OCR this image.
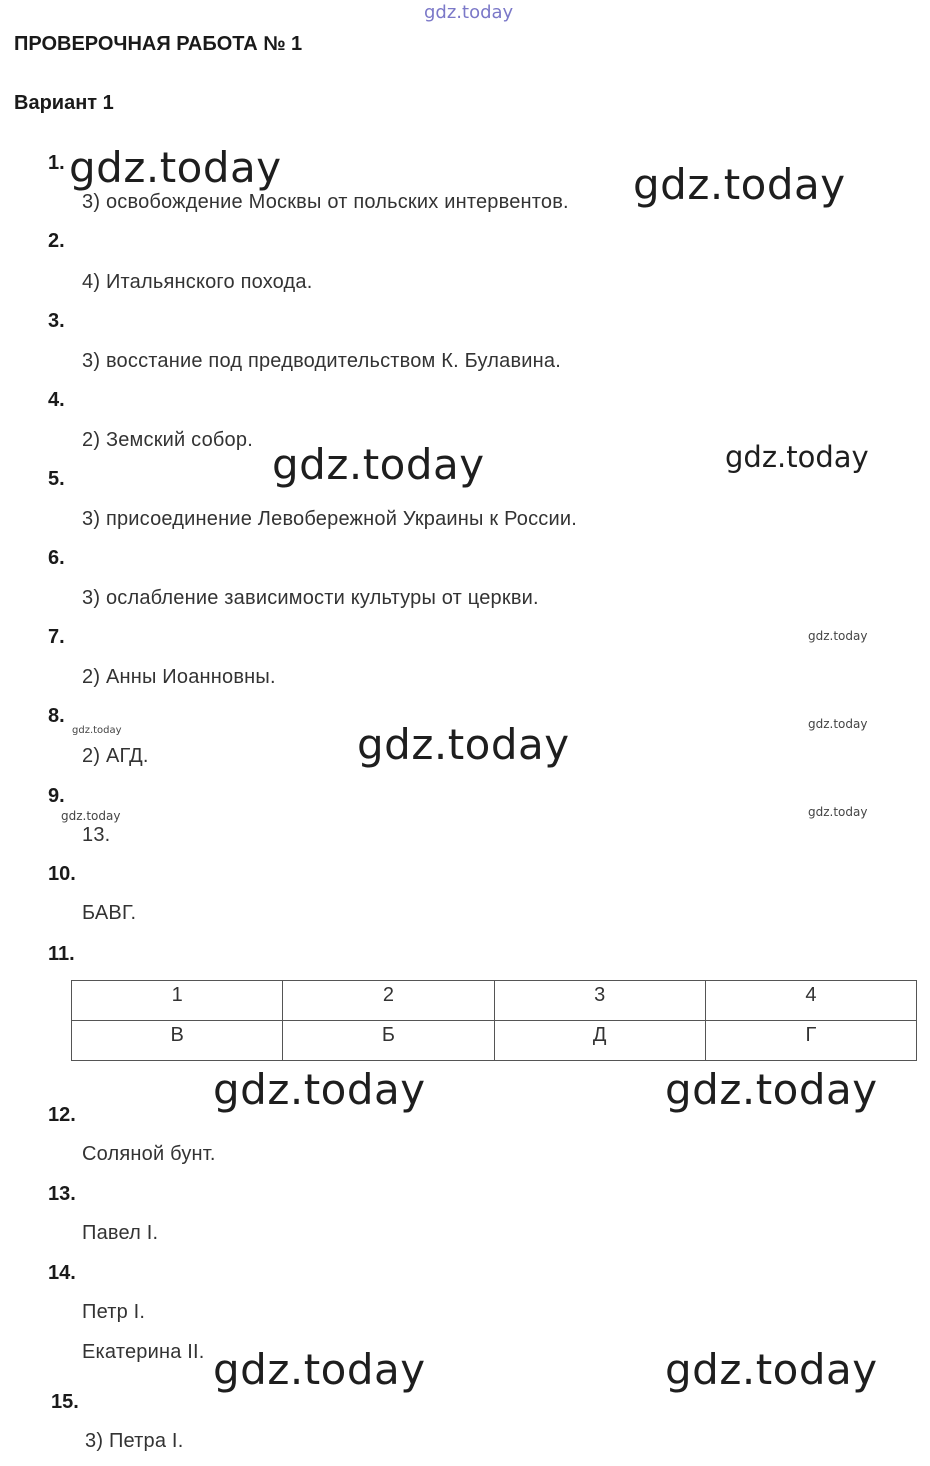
gdz.today
ПРОВЕРОЧНАЯ РАБОТА № 1
Вариант 1
1.
3) освобождение Москвы от польских интервентов.
2.
4) Итальянского похода.
3.
3) восстание под предводительством К. Булавина.
4.
2) Земский собор.
5.
3) присоединение Левобережной Украины к России.
6.
3) ослабление зависимости культуры от церкви.
7.
2) Анны Иоанновны.
8.
2) АГД.
9.
13.
10.
БАВГ.
11.
1	2	3	4
В	Б	Д	Г
12.
Соляной бунт.
13.
Павел I.
14.
Петр I.
Екатерина II.
15.
3) Петра I.
gdz.today	gdz.today
gdz.today	gdz.today
gdz.today
gdz.today	gdz.today
gdz.today
gdz.today	gdz.today
gdz.today	gdz.today
gdz.today	gdz.today
